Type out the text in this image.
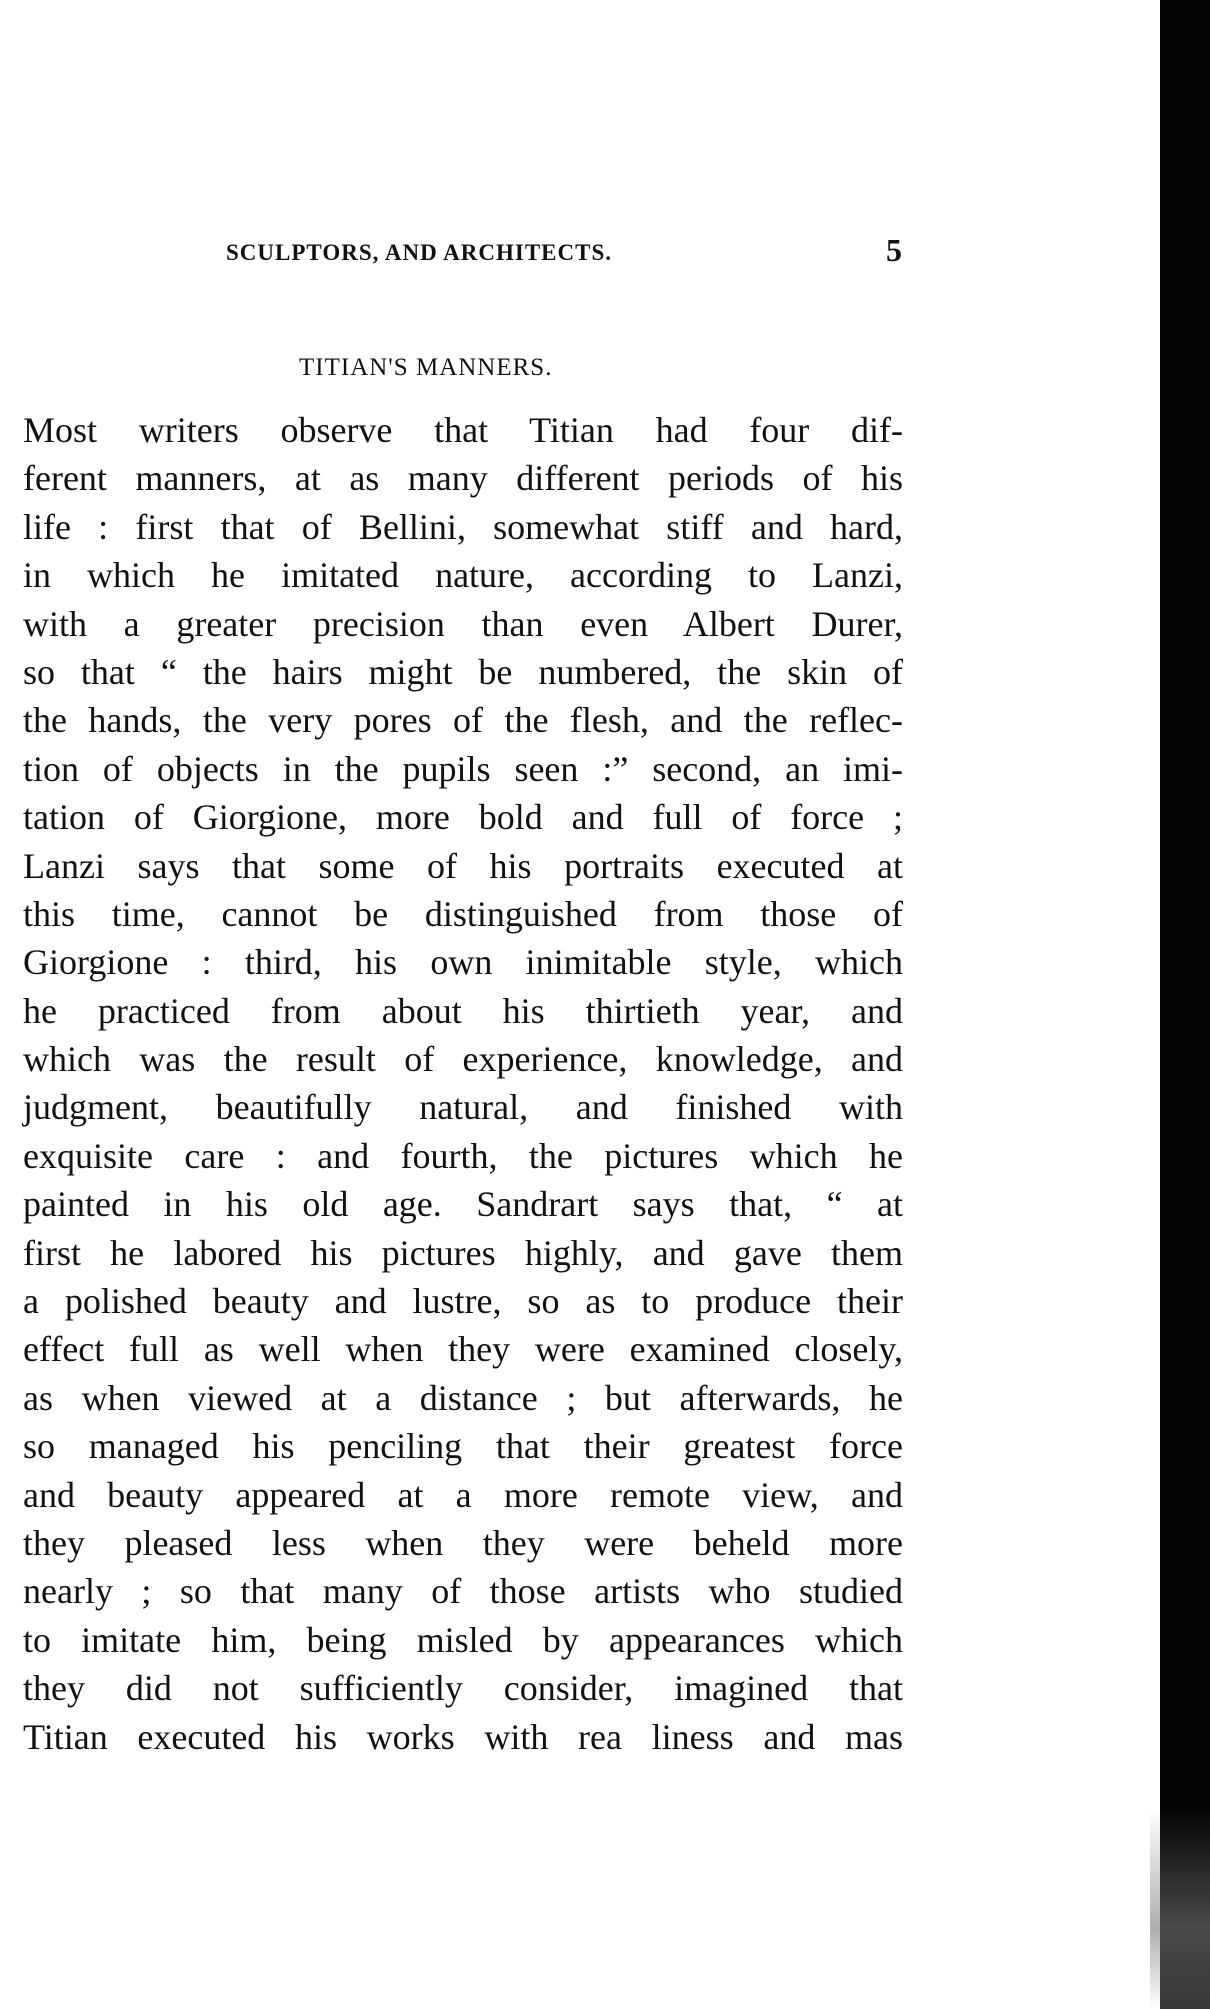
SCULPTORS, AND ARCHITECTS.	5
TITIAN'S MANNERS.
Most writers observe that Titian had four dif-
ferent manners, at as many different periods of his
life : first that of Bellini, somewhat stiff and hard,
in which he imitated nature, according to Lanzi,
with a greater precision than even Albert Durer,
so that “ the hairs might be numbered, the skin of
the hands, the very pores of the flesh, and the reflec-
tion of objects in the pupils seen :” second, an imi-
tation of Giorgione, more bold and full of force ;
Lanzi says that some of his portraits executed at
this time, cannot be distinguished from those of
Giorgione : third, his own inimitable style, which
he practiced from about his thirtieth year, and
which was the result of experience, knowledge, and
judgment, beautifully natural, and finished with
exquisite care : and fourth, the pictures which he
painted in his old age. Sandrart says that, “ at
first he labored his pictures highly, and gave them
a polished beauty and lustre, so as to produce their
effect full as well when they were examined closely,
as when viewed at a distance ; but afterwards, he
so managed his penciling that their greatest force
and beauty appeared at a more remote view, and
they pleased less when they were beheld more
nearly ; so that many of those artists who studied
to imitate him, being misled by appearances which
they did not sufficiently consider, imagined that
Titian executed his works with rea liness and mas
